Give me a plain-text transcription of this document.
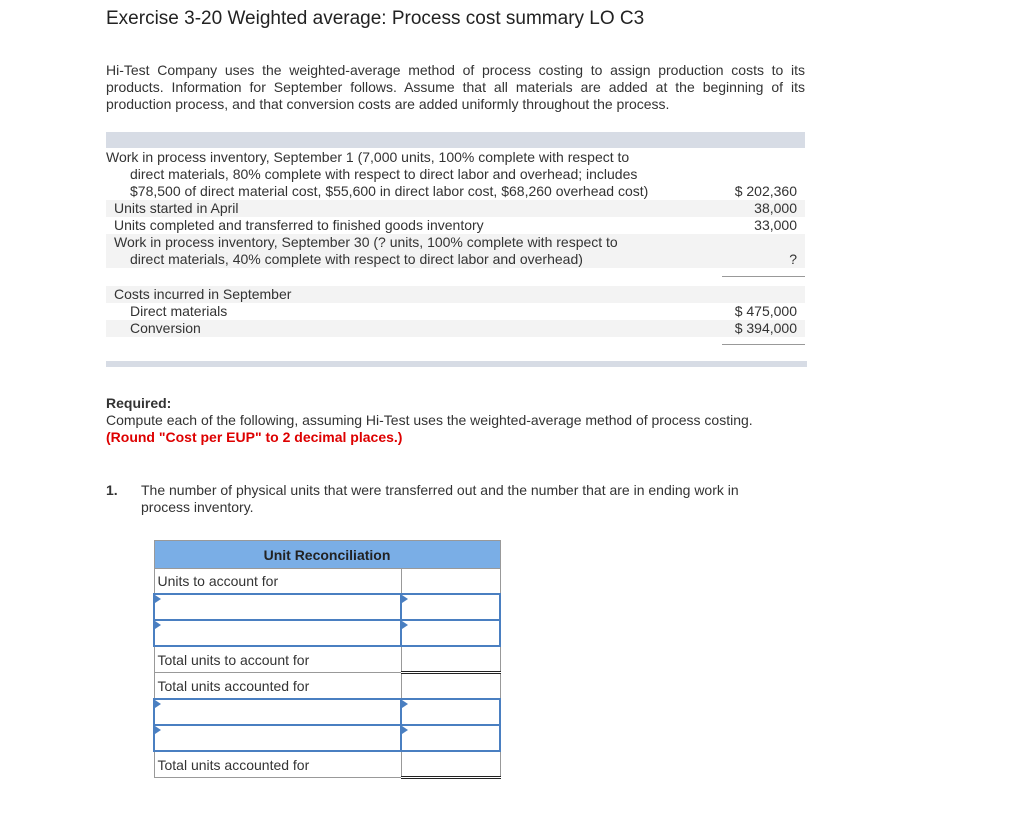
Exercise 3-20 Weighted average: Process cost summary LO C3
Hi-Test Company uses the weighted-average method of process costing to assign production costs to its products. Information for September follows. Assume that all materials are added at the beginning of its production process, and that conversion costs are added uniformly throughout the process.
Work in process inventory, September 1 (7,000 units, 100% complete with respect to
direct materials, 80% complete with respect to direct labor and overhead; includes
$78,500 of direct material cost, $55,600 in direct labor cost, $68,260 overhead cost)	$ 202,360
Units started in April	38,000
Units completed and transferred to finished goods inventory	33,000
Work in process inventory, September 30 (? units, 100% complete with respect to
direct materials, 40% complete with respect to direct labor and overhead)	?
Costs incurred in September
Direct materials	$ 475,000
Conversion	$ 394,000
Required:
Compute each of the following, assuming Hi-Test uses the weighted-average method of process costing.
(Round "Cost per EUP" to 2 decimal places.)
1. The number of physical units that were transferred out and the number that are in ending work in process inventory.
Unit Reconciliation	
Units to account for	

Total units to account for	
Total units accounted for	

Total units accounted for	
